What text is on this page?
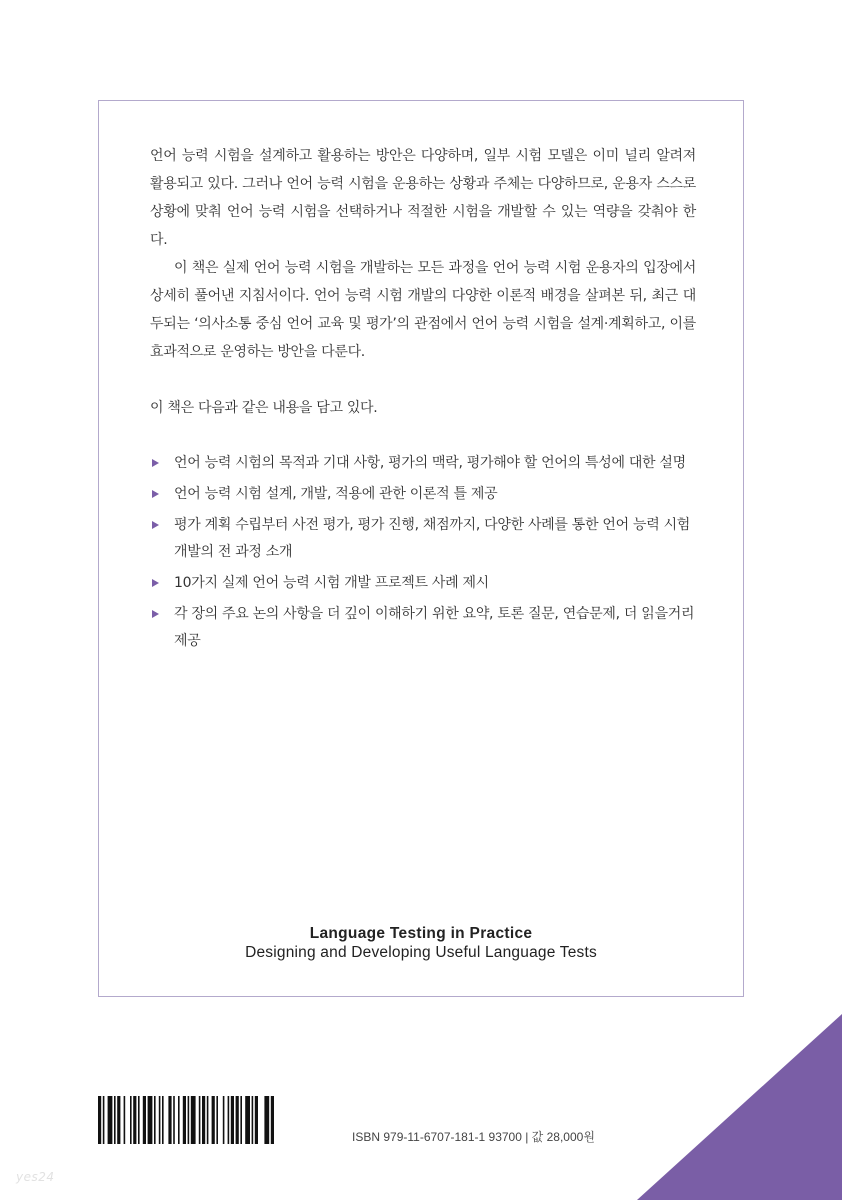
언어 능력 시험을 설계하고 활용하는 방안은 다양하며, 일부 시험 모델은 이미 널리 알려져 활용되고 있다. 그러나 언어 능력 시험을 운용하는 상황과 주체는 다양하므로, 운용자 스스로 상황에 맞춰 언어 능력 시험을 선택하거나 적절한 시험을 개발할 수 있는 역량을 갖춰야 한다.

이 책은 실제 언어 능력 시험을 개발하는 모든 과정을 언어 능력 시험 운용자의 입장에서 상세히 풀어낸 지침서이다. 언어 능력 시험 개발의 다양한 이론적 배경을 살펴본 뒤, 최근 대두되는 ‘의사소통 중심 언어 교육 및 평가’의 관점에서 언어 능력 시험을 설계·계획하고, 이를 효과적으로 운영하는 방안을 다룬다.

이 책은 다음과 같은 내용을 담고 있다.

언어 능력 시험의 목적과 기대 사항, 평가의 맥락, 평가해야 할 언어의 특성에 대한 설명
언어 능력 시험 설계, 개발, 적용에 관한 이론적 틀 제공
평가 계획 수립부터 사전 평가, 평가 진행, 채점까지, 다양한 사례를 통한 언어 능력 시험 개발의 전 과정 소개
10가지 실제 언어 능력 시험 개발 프로젝트 사례 제시
각 장의 주요 논의 사항을 더 깊이 이해하기 위한 요약, 토론 질문, 연습문제, 더 읽을거리 제공
Language Testing in Practice
Designing and Developing Useful Language Tests
ISBN 979-11-6707-181-1 93700 | 값 28,000원
yes24
